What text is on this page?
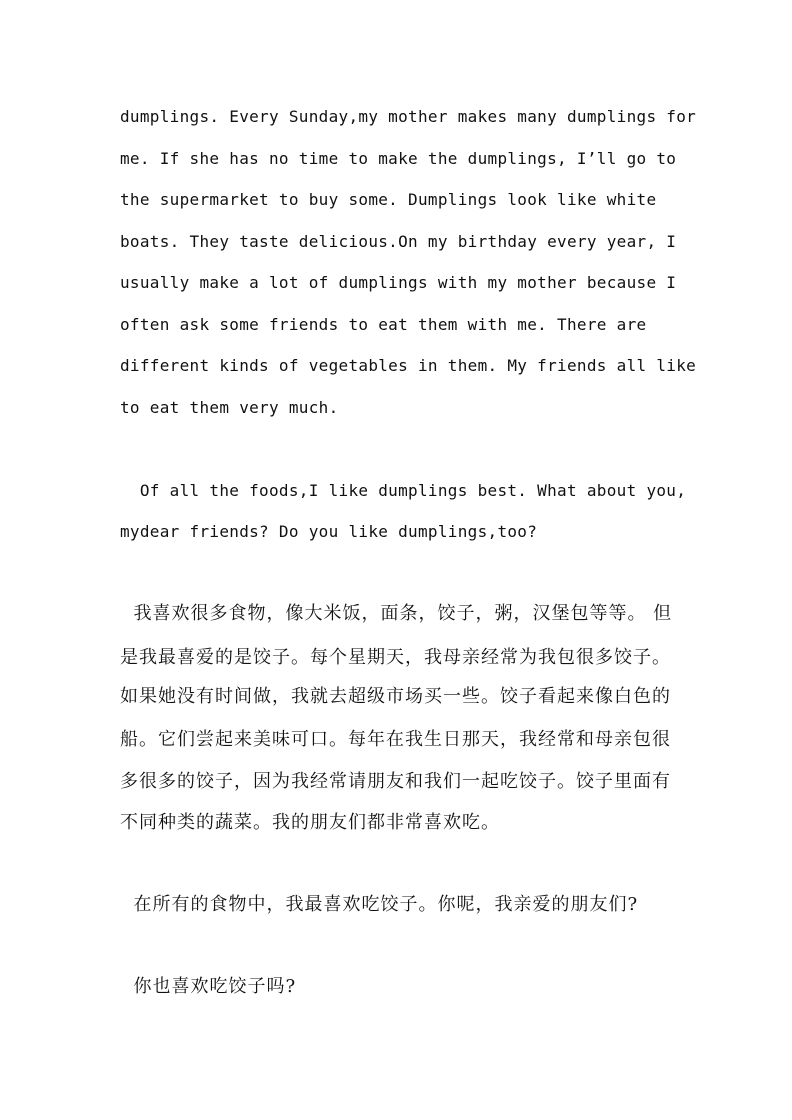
dumplings. Every Sunday,my mother makes many dumplings for

me. If she has no time to make the dumplings, I’ll go to

the supermarket to buy some. Dumplings look like white

boats. They taste delicious.On my birthday every year, I

usually make a lot of dumplings with my mother because I

often ask some friends to eat them with me. There are

different kinds of vegetables in them. My friends all like

to eat them very much.

Of all the foods,I like dumplings best. What about you,

mydear friends? Do you like dumplings,too?

我喜欢很多食物，像大米饭，面条，饺子，粥，汉堡包等等。 但

是我最喜爱的是饺子。每个星期天，我母亲经常为我包很多饺子。

如果她没有时间做，我就去超级市场买一些。饺子看起来像白色的

船。它们尝起来美味可口。每年在我生日那天，我经常和母亲包很

多很多的饺子，因为我经常请朋友和我们一起吃饺子。饺子里面有

不同种类的蔬菜。我的朋友们都非常喜欢吃。

在所有的食物中，我最喜欢吃饺子。你呢，我亲爱的朋友们?

你也喜欢吃饺子吗?
